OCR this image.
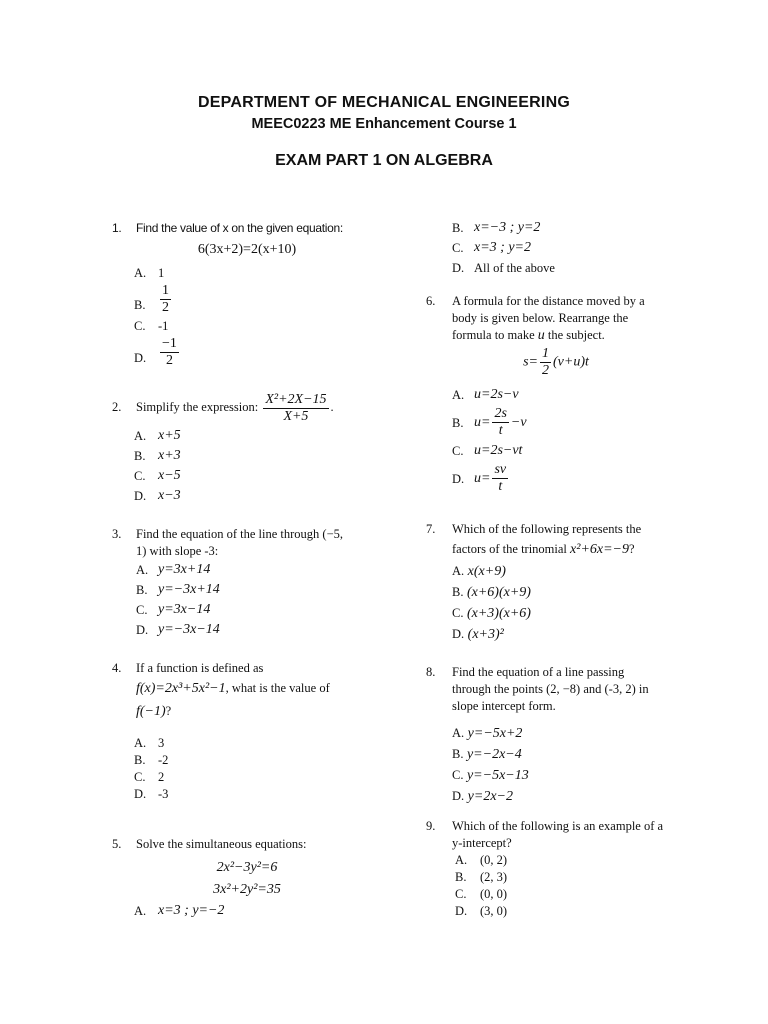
DEPARTMENT OF MECHANICAL ENGINEERING
MEEC0223 ME Enhancement Course 1
EXAM PART 1 ON ALGEBRA
1. Find the value of x on the given equation:
6(3x+2)=2(x+10)
A. 1
B. $\frac{1}{2}$
C. -1
D. $\frac{-1}{2}$
2. Simplify the expression: $\frac{\text{X²+2X−15}}{X+5}$ .
A. x+5
B. x+3
C. x−5
D. x−3
3. Find the equation of the line through (−5,
1) with slope -3:
A. y=3x+14
B. y=−3x+14
C. y=3x−14
D. y=−3x−14
4. If a function is defined as
f(x)=2x³+5x²−1, what is the value of
f(−1)?
A. 3
B. -2
C. 2
D. -3
5. Solve the simultaneous equations:
2x²−3y²=6
3x²+2y²=35
A. x=3 ; y=−2
B. x=−3 ; y=2
C. x=3 ; y=2
D. All of the above
6. A formula for the distance moved by a
body is given below. Rearrange the
formula to make u the subject.
$s= \frac{1}{2} (v+u)t$
A. u=2s−v
B. $u= \frac{2s}{t} -v$
C. u=2s−vt
D. $u= \frac{sv}{t}$
7. Which of the following represents the
factors of the trinomial x²+6x=−9?
A. x(x+9)
B. (x+6)(x+9)
C. (x+3)(x+6)
D. (x+3)²
8. Find the equation of a line passing
through the points (2, −8) and (-3, 2) in
slope intercept form.
A. y=−5x+2
B. y=−2x−4
C. y=−5x−13
D. y=2x−2
9. Which of the following is an example of a
y-intercept?
A. (0, 2)
B. (2, 3)
C. (0, 0)
D. (3, 0)
